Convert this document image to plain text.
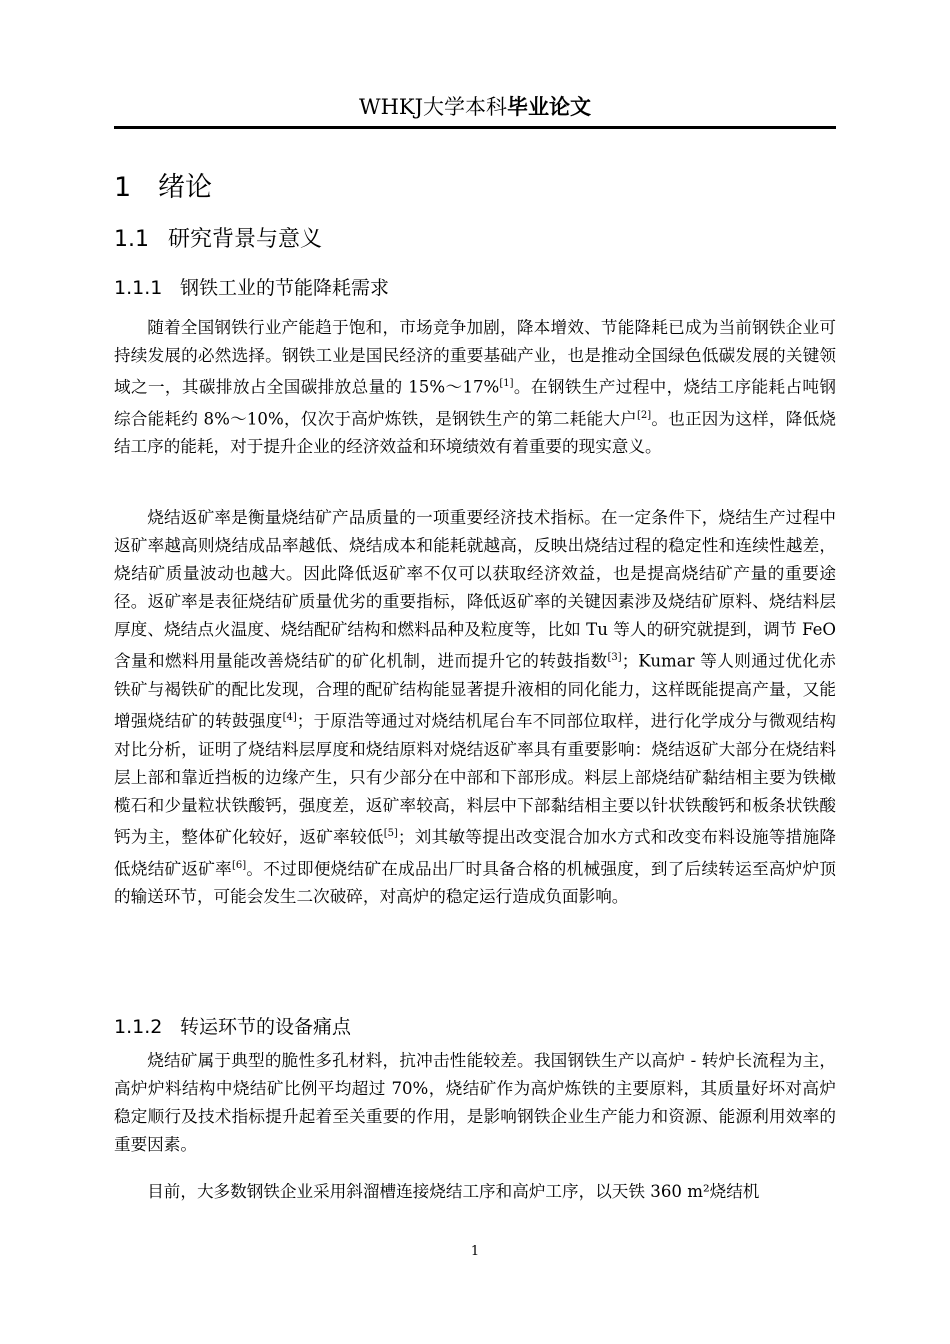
WHKJ大学本科毕业论文
1 绪论
1.1 研究背景与意义
1.1.1 钢铁工业的节能降耗需求

随着全国钢铁行业产能趋于饱和，市场竞争加剧，降本增效、节能降耗已成为当前钢铁企业可持续发展的必然选择。钢铁工业是国民经济的重要基础产业，也是推动全国绿色低碳发展的关键领域之一，其碳排放占全国碳排放总量的 15%～17%[1]。在钢铁生产过程中，烧结工序能耗占吨钢综合能耗约 8%～10%，仅次于高炉炼铁，是钢铁生产的第二耗能大户[2]。也正因为这样，降低烧结工序的能耗，对于提升企业的经济效益和环境绩效有着重要的现实意义。

烧结返矿率是衡量烧结矿产品质量的一项重要经济技术指标。在一定条件下，烧结生产过程中返矿率越高则烧结成品率越低、烧结成本和能耗就越高，反映出烧结过程的稳定性和连续性越差，烧结矿质量波动也越大。因此降低返矿率不仅可以获取经济效益，也是提高烧结矿产量的重要途径。返矿率是表征烧结矿质量优劣的重要指标，降低返矿率的关键因素涉及烧结矿原料、烧结料层厚度、烧结点火温度、烧结配矿结构和燃料品种及粒度等，比如 Tu 等人的研究就提到，调节 FeO 含量和燃料用量能改善烧结矿的矿化机制，进而提升它的转鼓指数[3]；Kumar 等人则通过优化赤铁矿与褐铁矿的配比发现，合理的配矿结构能显著提升液相的同化能力，这样既能提高产量，又能增强烧结矿的转鼓强度[4]；于原浩等通过对烧结机尾台车不同部位取样，进行化学成分与微观结构对比分析，证明了烧结料层厚度和烧结原料对烧结返矿率具有重要影响：烧结返矿大部分在烧结料层上部和靠近挡板的边缘产生，只有少部分在中部和下部形成。料层上部烧结矿黏结相主要为铁橄榄石和少量粒状铁酸钙，强度差，返矿率较高，料层中下部黏结相主要以针状铁酸钙和板条状铁酸钙为主，整体矿化较好，返矿率较低[5]；刘其敏等提出改变混合加水方式和改变布料设施等措施降低烧结矿返矿率[6]。不过即便烧结矿在成品出厂时具备合格的机械强度，到了后续转运至高炉炉顶的输送环节，可能会发生二次破碎，对高炉的稳定运行造成负面影响。

1.1.2 转运环节的设备痛点

烧结矿属于典型的脆性多孔材料，抗冲击性能较差。我国钢铁生产以高炉 - 转炉长流程为主，高炉炉料结构中烧结矿比例平均超过 70%，烧结矿作为高炉炼铁的主要原料，其质量好坏对高炉稳定顺行及技术指标提升起着至关重要的作用，是影响钢铁企业生产能力和资源、能源利用效率的重要因素。

目前，大多数钢铁企业采用斜溜槽连接烧结工序和高炉工序，以天铁 360 m²烧结机

1
